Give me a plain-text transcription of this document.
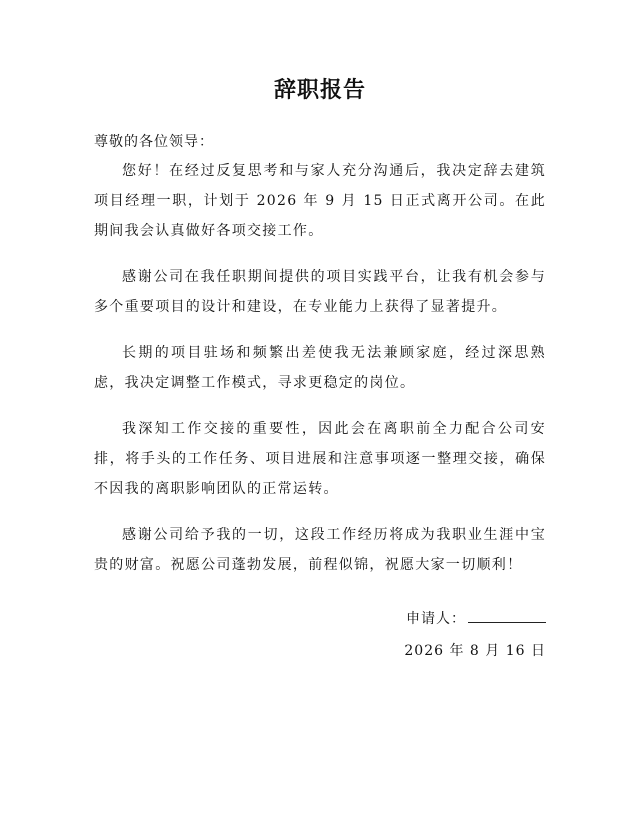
辞职报告
尊敬的各位领导：

您好！在经过反复思考和与家人充分沟通后，我决定辞去建筑项目经理一职，计划于 2026 年 9 月 15 日正式离开公司。在此期间我会认真做好各项交接工作。

感谢公司在我任职期间提供的项目实践平台，让我有机会参与多个重要项目的设计和建设，在专业能力上获得了显著提升。

长期的项目驻场和频繁出差使我无法兼顾家庭，经过深思熟虑，我决定调整工作模式，寻求更稳定的岗位。

我深知工作交接的重要性，因此会在离职前全力配合公司安排，将手头的工作任务、项目进展和注意事项逐一整理交接，确保不因我的离职影响团队的正常运转。

感谢公司给予我的一切，这段工作经历将成为我职业生涯中宝贵的财富。祝愿公司蓬勃发展，前程似锦，祝愿大家一切顺利！

申请人：
2026 年 8 月 16 日
